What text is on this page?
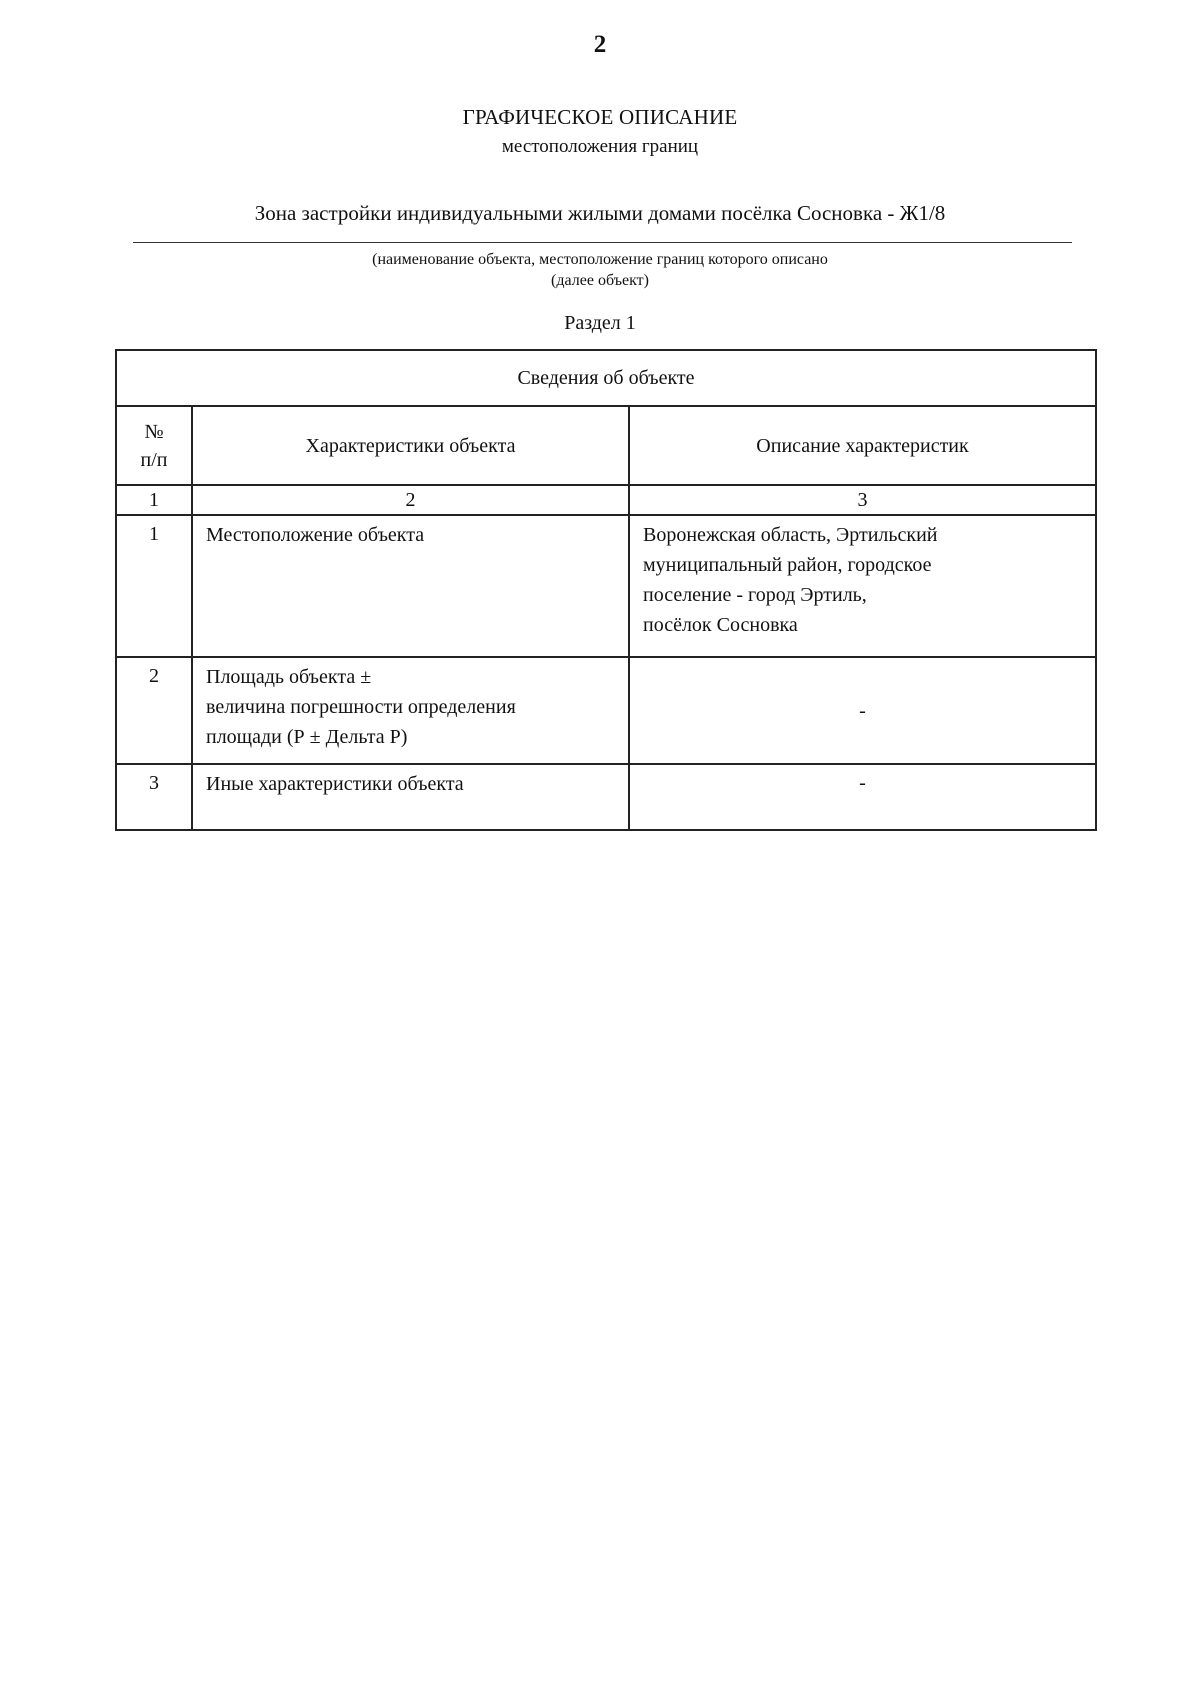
2
ГРАФИЧЕСКОЕ ОПИСАНИЕ
местоположения границ
Зона застройки индивидуальными жилыми домами посёлка Сосновка - Ж1/8
(наименование объекта, местоположение границ которого описано
(далее объект)
Раздел 1
Сведения об объекте		

№
п/п	Характеристики объекта	Описание характеристик
1	2	3
1	Местоположение объекта	Воронежская область, Эртильский
муниципальный район, городское
поселение - город Эртиль,
посёлок Сосновка

2	Площадь объекта ±
величина погрешности определения
площади (Р ± Дельта Р)	-
3	Иные характеристики объекта	-
